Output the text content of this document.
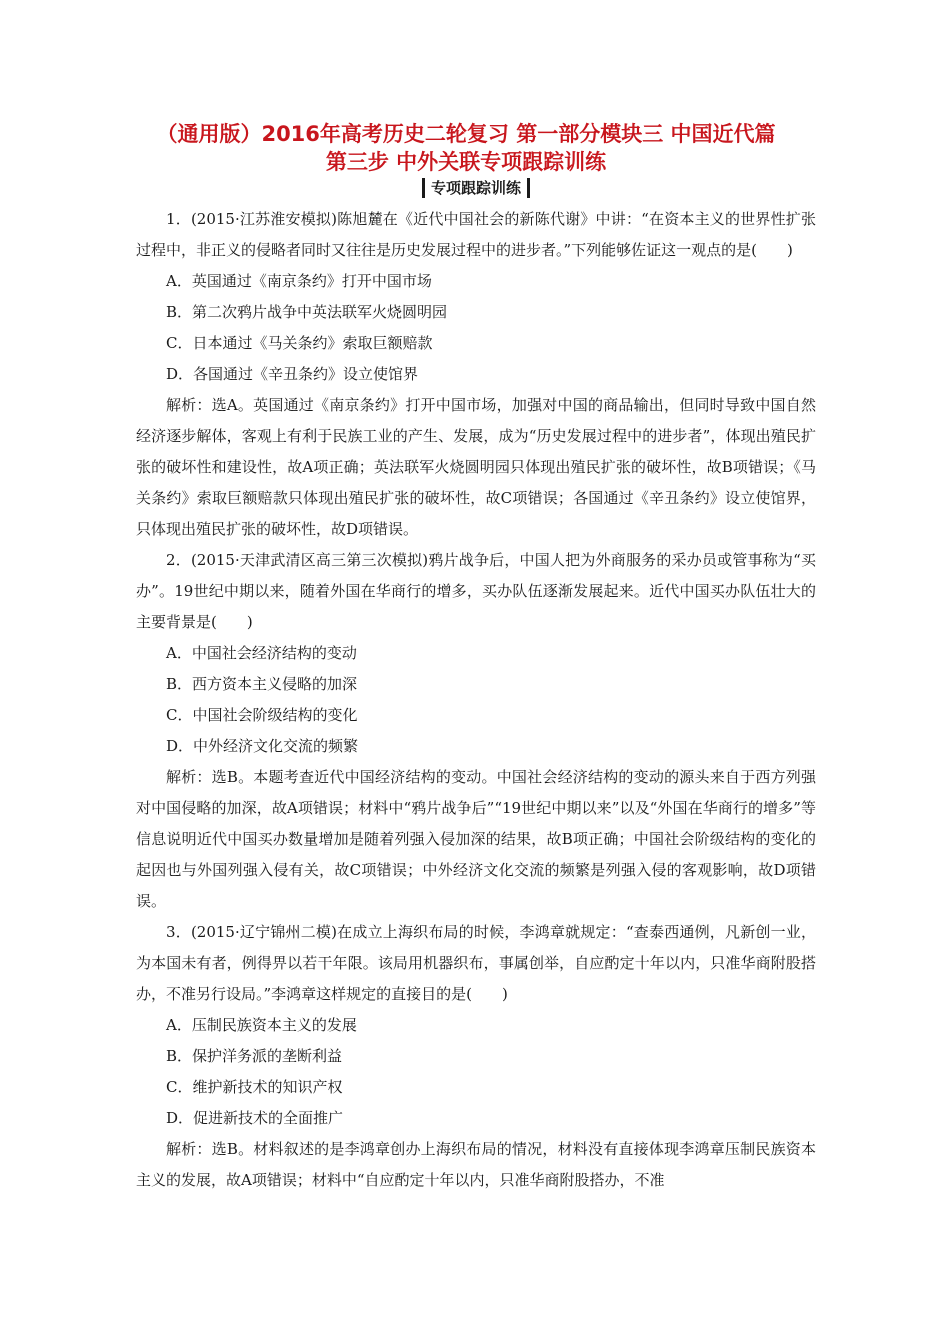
（通用版）2016年高考历史二轮复习 第一部分模块三 中国近代篇
第三步 中外关联专项跟踪训练
专项跟踪训练

1．(2015·江苏淮安模拟)陈旭麓在《近代中国社会的新陈代谢》中讲：“在资本主义的世界性扩张过程中，非正义的侵略者同时又往往是历史发展过程中的进步者。”下列能够佐证这一观点的是(　　)

A．英国通过《南京条约》打开中国市场

B．第二次鸦片战争中英法联军火烧圆明园

C．日本通过《马关条约》索取巨额赔款

D．各国通过《辛丑条约》设立使馆界

解析：选A。英国通过《南京条约》打开中国市场，加强对中国的商品输出，但同时导致中国自然经济逐步解体，客观上有利于民族工业的产生、发展，成为“历史发展过程中的进步者”，体现出殖民扩张的破坏性和建设性，故A项正确；英法联军火烧圆明园只体现出殖民扩张的破坏性，故B项错误；《马关条约》索取巨额赔款只体现出殖民扩张的破坏性，故C项错误；各国通过《辛丑条约》设立使馆界，只体现出殖民扩张的破坏性，故D项错误。

2．(2015·天津武清区高三第三次模拟)鸦片战争后，中国人把为外商服务的采办员或管事称为“买办”。19世纪中期以来，随着外国在华商行的增多，买办队伍逐渐发展起来。近代中国买办队伍壮大的主要背景是(　　)

A．中国社会经济结构的变动

B．西方资本主义侵略的加深

C．中国社会阶级结构的变化

D．中外经济文化交流的频繁

解析：选B。本题考查近代中国经济结构的变动。中国社会经济结构的变动的源头来自于西方列强对中国侵略的加深，故A项错误；材料中“鸦片战争后”“19世纪中期以来”以及“外国在华商行的增多”等信息说明近代中国买办数量增加是随着列强入侵加深的结果，故B项正确；中国社会阶级结构的变化的起因也与外国列强入侵有关，故C项错误；中外经济文化交流的频繁是列强入侵的客观影响，故D项错误。

3．(2015·辽宁锦州二模)在成立上海织布局的时候，李鸿章就规定：“查泰西通例，凡新创一业，为本国未有者，例得畀以若干年限。该局用机器织布，事属创举，自应酌定十年以内，只准华商附股搭办，不准另行设局。”李鸿章这样规定的直接目的是(　　)

A．压制民族资本主义的发展

B．保护洋务派的垄断利益

C．维护新技术的知识产权

D．促进新技术的全面推广

解析：选B。材料叙述的是李鸿章创办上海织布局的情况，材料没有直接体现李鸿章压制民族资本主义的发展，故A项错误；材料中“自应酌定十年以内，只准华商附股搭办，不准
